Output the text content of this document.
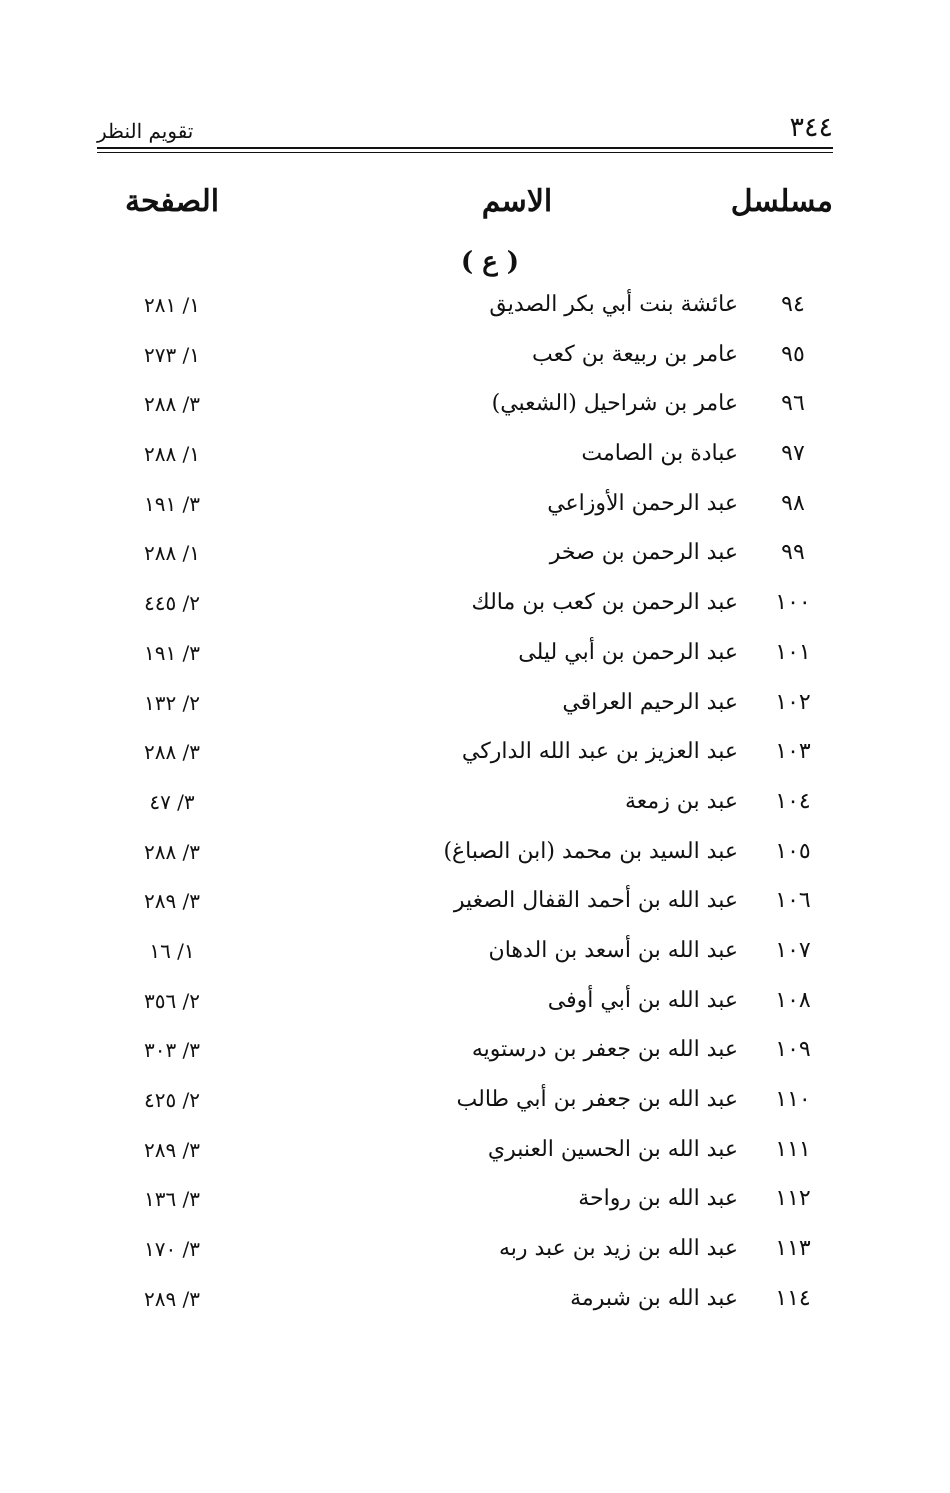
٣٤٤
تقويم النظر
مسلسل
الاسم
الصفحة
( ع )
٩٤
عائشة بنت أبي بكر الصديق
١/ ٢٨١
٩٥
عامر بن ربيعة بن كعب
١/ ٢٧٣
٩٦
عامر بن شراحيل (الشعبي)
٣/ ٢٨٨
٩٧
عبادة بن الصامت
١/ ٢٨٨
٩٨
عبد الرحمن الأوزاعي
٣/ ١٩١
٩٩
عبد الرحمن بن صخر
١/ ٢٨٨
١٠٠
عبد الرحمن بن كعب بن مالك
٢/ ٤٤٥
١٠١
عبد الرحمن بن أبي ليلى
٣/ ١٩١
١٠٢
عبد الرحيم العراقي
٢/ ١٣٢
١٠٣
عبد العزيز بن عبد الله الداركي
٣/ ٢٨٨
١٠٤
عبد بن زمعة
٣/ ٤٧
١٠٥
عبد السيد بن محمد (ابن الصباغ)
٣/ ٢٨٨
١٠٦
عبد الله بن أحمد القفال الصغير
٣/ ٢٨٩
١٠٧
عبد الله بن أسعد بن الدهان
١/ ١٦
١٠٨
عبد الله بن أبي أوفى
٢/ ٣٥٦
١٠٩
عبد الله بن جعفر بن درستويه
٣/ ٣٠٣
١١٠
عبد الله بن جعفر بن أبي طالب
٢/ ٤٢٥
١١١
عبد الله بن الحسين العنبري
٣/ ٢٨٩
١١٢
عبد الله بن رواحة
٣/ ١٣٦
١١٣
عبد الله بن زيد بن عبد ربه
٣/ ١٧٠
١١٤
عبد الله بن شبرمة
٣/ ٢٨٩
